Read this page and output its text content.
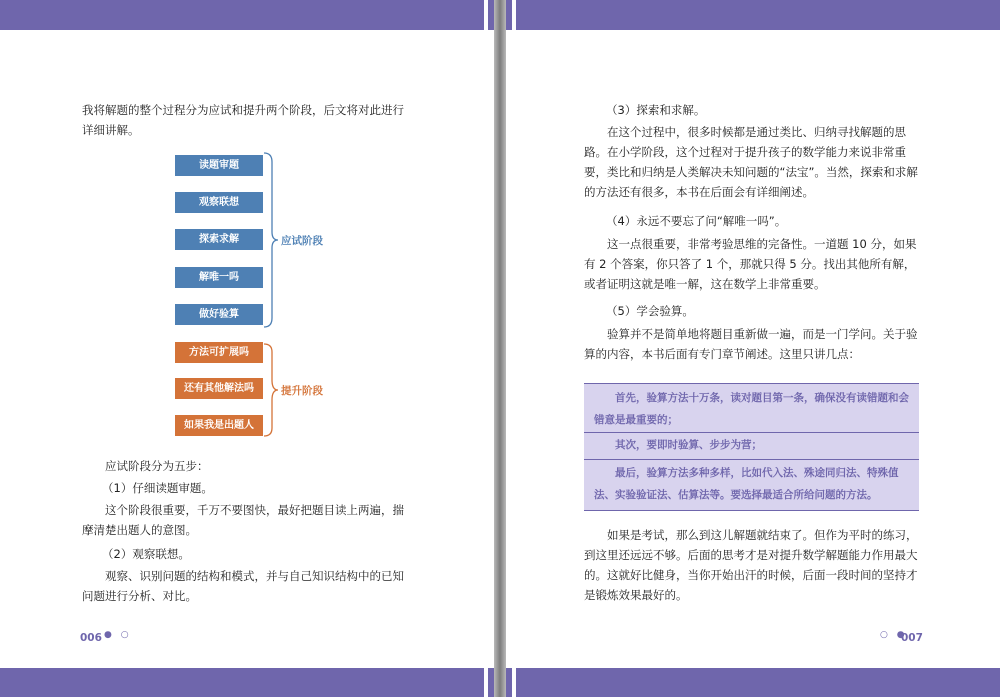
我将解题的整个过程分为应试和提升两个阶段，后文将对此进行详细讲解。

读题审题
观察联想
探索求解
解唯一吗
做好验算
方法可扩展吗
还有其他解法吗
如果我是出题人
应试阶段
提升阶段

应试阶段分为五步：

（1）仔细读题审题。

这个阶段很重要，千万不要图快，最好把题目读上两遍，揣摩清楚出题人的意图。

（2）观察联想。

观察、识别问题的结构和模式，并与自己知识结构中的已知问题进行分析、对比。

006 ● ○

（3）探索和求解。

在这个过程中，很多时候都是通过类比、归纳寻找解题的思路。在小学阶段，这个过程对于提升孩子的数学能力来说非常重要，类比和归纳是人类解决未知问题的“法宝”。当然，探索和求解的方法还有很多，本书在后面会有详细阐述。

（4）永远不要忘了问“解唯一吗”。

这一点很重要，非常考验思维的完备性。一道题 10 分，如果有 2 个答案，你只答了 1 个，那就只得 5 分。找出其他所有解，或者证明这就是唯一解，这在数学上非常重要。

（5）学会验算。

验算并不是简单地将题目重新做一遍，而是一门学问。关于验算的内容，本书后面有专门章节阐述。这里只讲几点：

首先，验算方法十万条，读对题目第一条，确保没有读错题和会错意是最重要的；
其次，要即时验算、步步为营；
最后，验算方法多种多样，比如代入法、殊途同归法、特殊值法、实验验证法、估算法等。要选择最适合所给问题的方法。

如果是考试，那么到这儿解题就结束了。但作为平时的练习，到这里还远远不够。后面的思考才是对提升数学解题能力作用最大的。这就好比健身，当你开始出汗的时候，后面一段时间的坚持才是锻炼效果最好的。

○ ●
007
